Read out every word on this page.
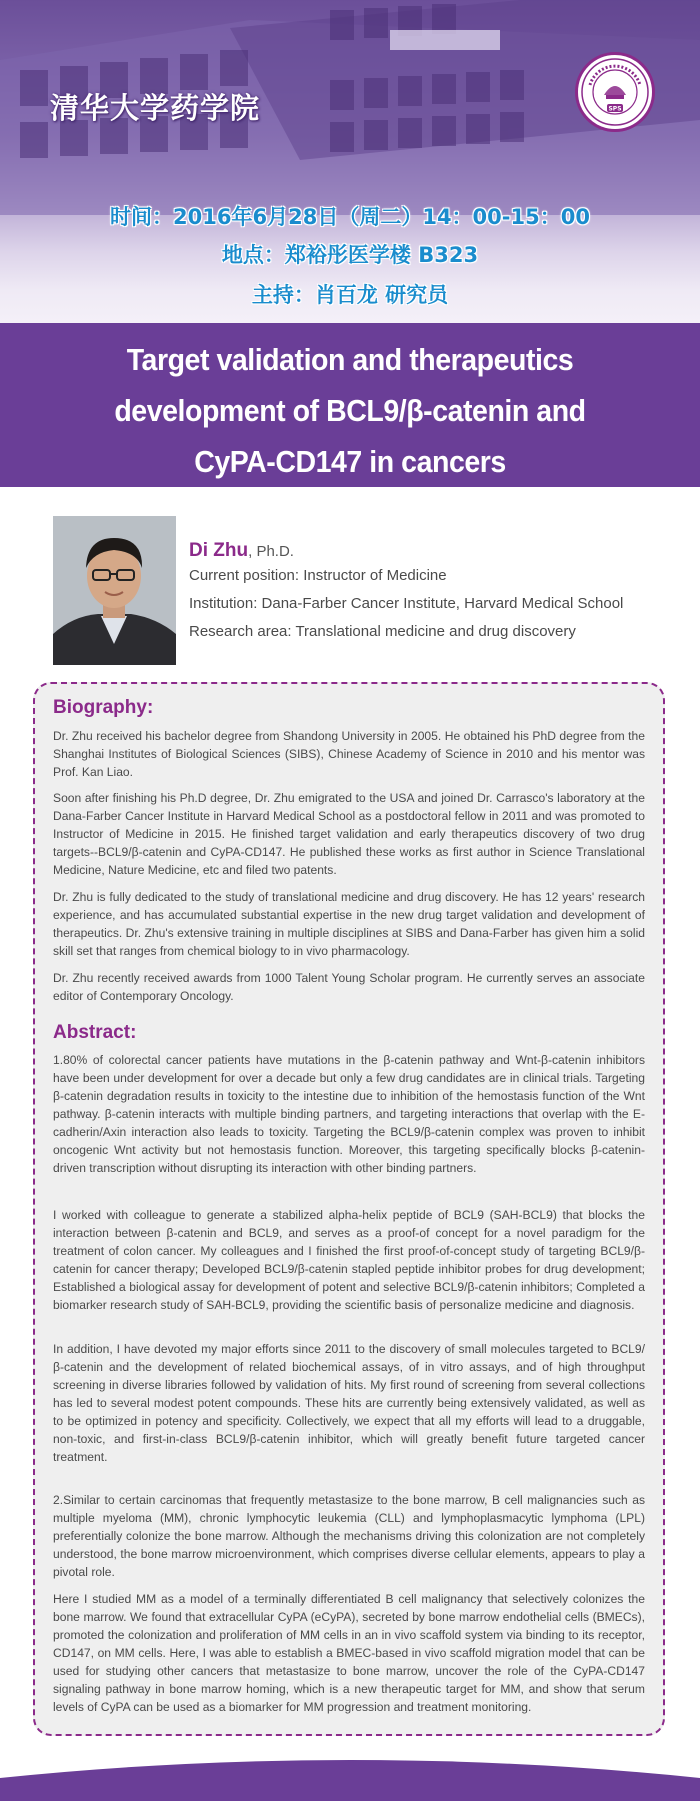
清华大学药学院	SPS
时间：2016年6月28日（周二）14：00-15：00
地点：郑裕彤医学楼 B323
主持：肖百龙 研究员
Target validation and therapeutics
development of BCL9/β-catenin and
CyPA-CD147 in cancers
Di Zhu, Ph.D.
Current position: Instructor of Medicine
Institution: Dana-Farber Cancer Institute, Harvard Medical School
Research area: Translational medicine and drug discovery
Biography:
Dr. Zhu received his bachelor degree from Shandong University in 2005. He obtained his PhD degree from the Shanghai Institutes of Biological Sciences (SIBS), Chinese Academy of Science in 2010 and his mentor was Prof. Kan Liao.
Soon after finishing his Ph.D degree, Dr. Zhu emigrated to the USA and joined Dr. Carrasco's laboratory at the Dana-Farber Cancer Institute in Harvard Medical School as a postdoctoral fellow in 2011 and was promoted to Instructor of Medicine in 2015. He finished target validation and early therapeutics discovery of two drug targets--BCL9/β-catenin and CyPA-CD147. He published these works as first author in Science Translational Medicine, Nature Medicine, etc and filed two patents.
Dr. Zhu is fully dedicated to the study of translational medicine and drug discovery. He has 12 years' research experience, and has accumulated substantial expertise in the new drug target validation and development of therapeutics. Dr. Zhu's extensive training in multiple disciplines at SIBS and Dana-Farber has given him a solid skill set that ranges from chemical biology to in vivo pharmacology.
Dr. Zhu recently received awards from 1000 Talent Young Scholar program. He currently serves an associate editor of Contemporary Oncology.
Abstract:
1.80% of colorectal cancer patients have mutations in the β-catenin pathway and Wnt-β-catenin inhibitors have been under development for over a decade but only a few drug candidates are in clinical trials. Targeting β-catenin degradation results in toxicity to the intestine due to inhibition of the hemostasis function of the Wnt pathway. β-catenin interacts with multiple binding partners, and targeting interactions that overlap with the E-cadherin/Axin interaction also leads to toxicity. Targeting the BCL9/β-catenin complex was proven to inhibit oncogenic Wnt activity but not hemostasis function. Moreover, this targeting specifically blocks β-catenin-driven transcription without disrupting its interaction with other binding partners.
I worked with colleague to generate a stabilized alpha-helix peptide of BCL9 (SAH-BCL9) that blocks the interaction between β-catenin and BCL9, and serves as a proof-of concept for a novel paradigm for the treatment of colon cancer. My colleagues and I finished the first proof-of-concept study of targeting BCL9/β-catenin for cancer therapy; Developed BCL9/β-catenin stapled peptide inhibitor probes for drug development; Established a biological assay for development of potent and selective BCL9/β-catenin inhibitors; Completed a biomarker research study of SAH-BCL9, providing the scientific basis of personalize medicine and diagnosis.
In addition, I have devoted my major efforts since 2011 to the discovery of small molecules targeted to BCL9/β-catenin and the development of related biochemical assays, of in vitro assays, and of high throughput screening in diverse libraries followed by validation of hits. My first round of screening from several collections has led to several modest potent compounds. These hits are currently being extensively validated, as well as to be optimized in potency and specificity. Collectively, we expect that all my efforts will lead to a druggable, non-toxic, and first-in-class BCL9/β-catenin inhibitor, which will greatly benefit future targeted cancer treatment.
2.Similar to certain carcinomas that frequently metastasize to the bone marrow, B cell malignancies such as multiple myeloma (MM), chronic lymphocytic leukemia (CLL) and lymphoplasmacytic lymphoma (LPL) preferentially colonize the bone marrow. Although the mechanisms driving this colonization are not completely understood, the bone marrow microenvironment, which comprises diverse cellular elements, appears to play a pivotal role.
Here I studied MM as a model of a terminally differentiated B cell malignancy that selectively colonizes the bone marrow. We found that extracellular CyPA (eCyPA), secreted by bone marrow endothelial cells (BMECs), promoted the colonization and proliferation of MM cells in an in vivo scaffold system via binding to its receptor, CD147, on MM cells. Here, I was able to establish a BMEC-based in vivo scaffold migration model that can be used for studying other cancers that metastasize to bone marrow, uncover the role of the CyPA-CD147 signaling pathway in bone marrow homing, which is a new therapeutic target for MM, and show that serum levels of CyPA can be used as a biomarker for MM progression and treatment monitoring.
